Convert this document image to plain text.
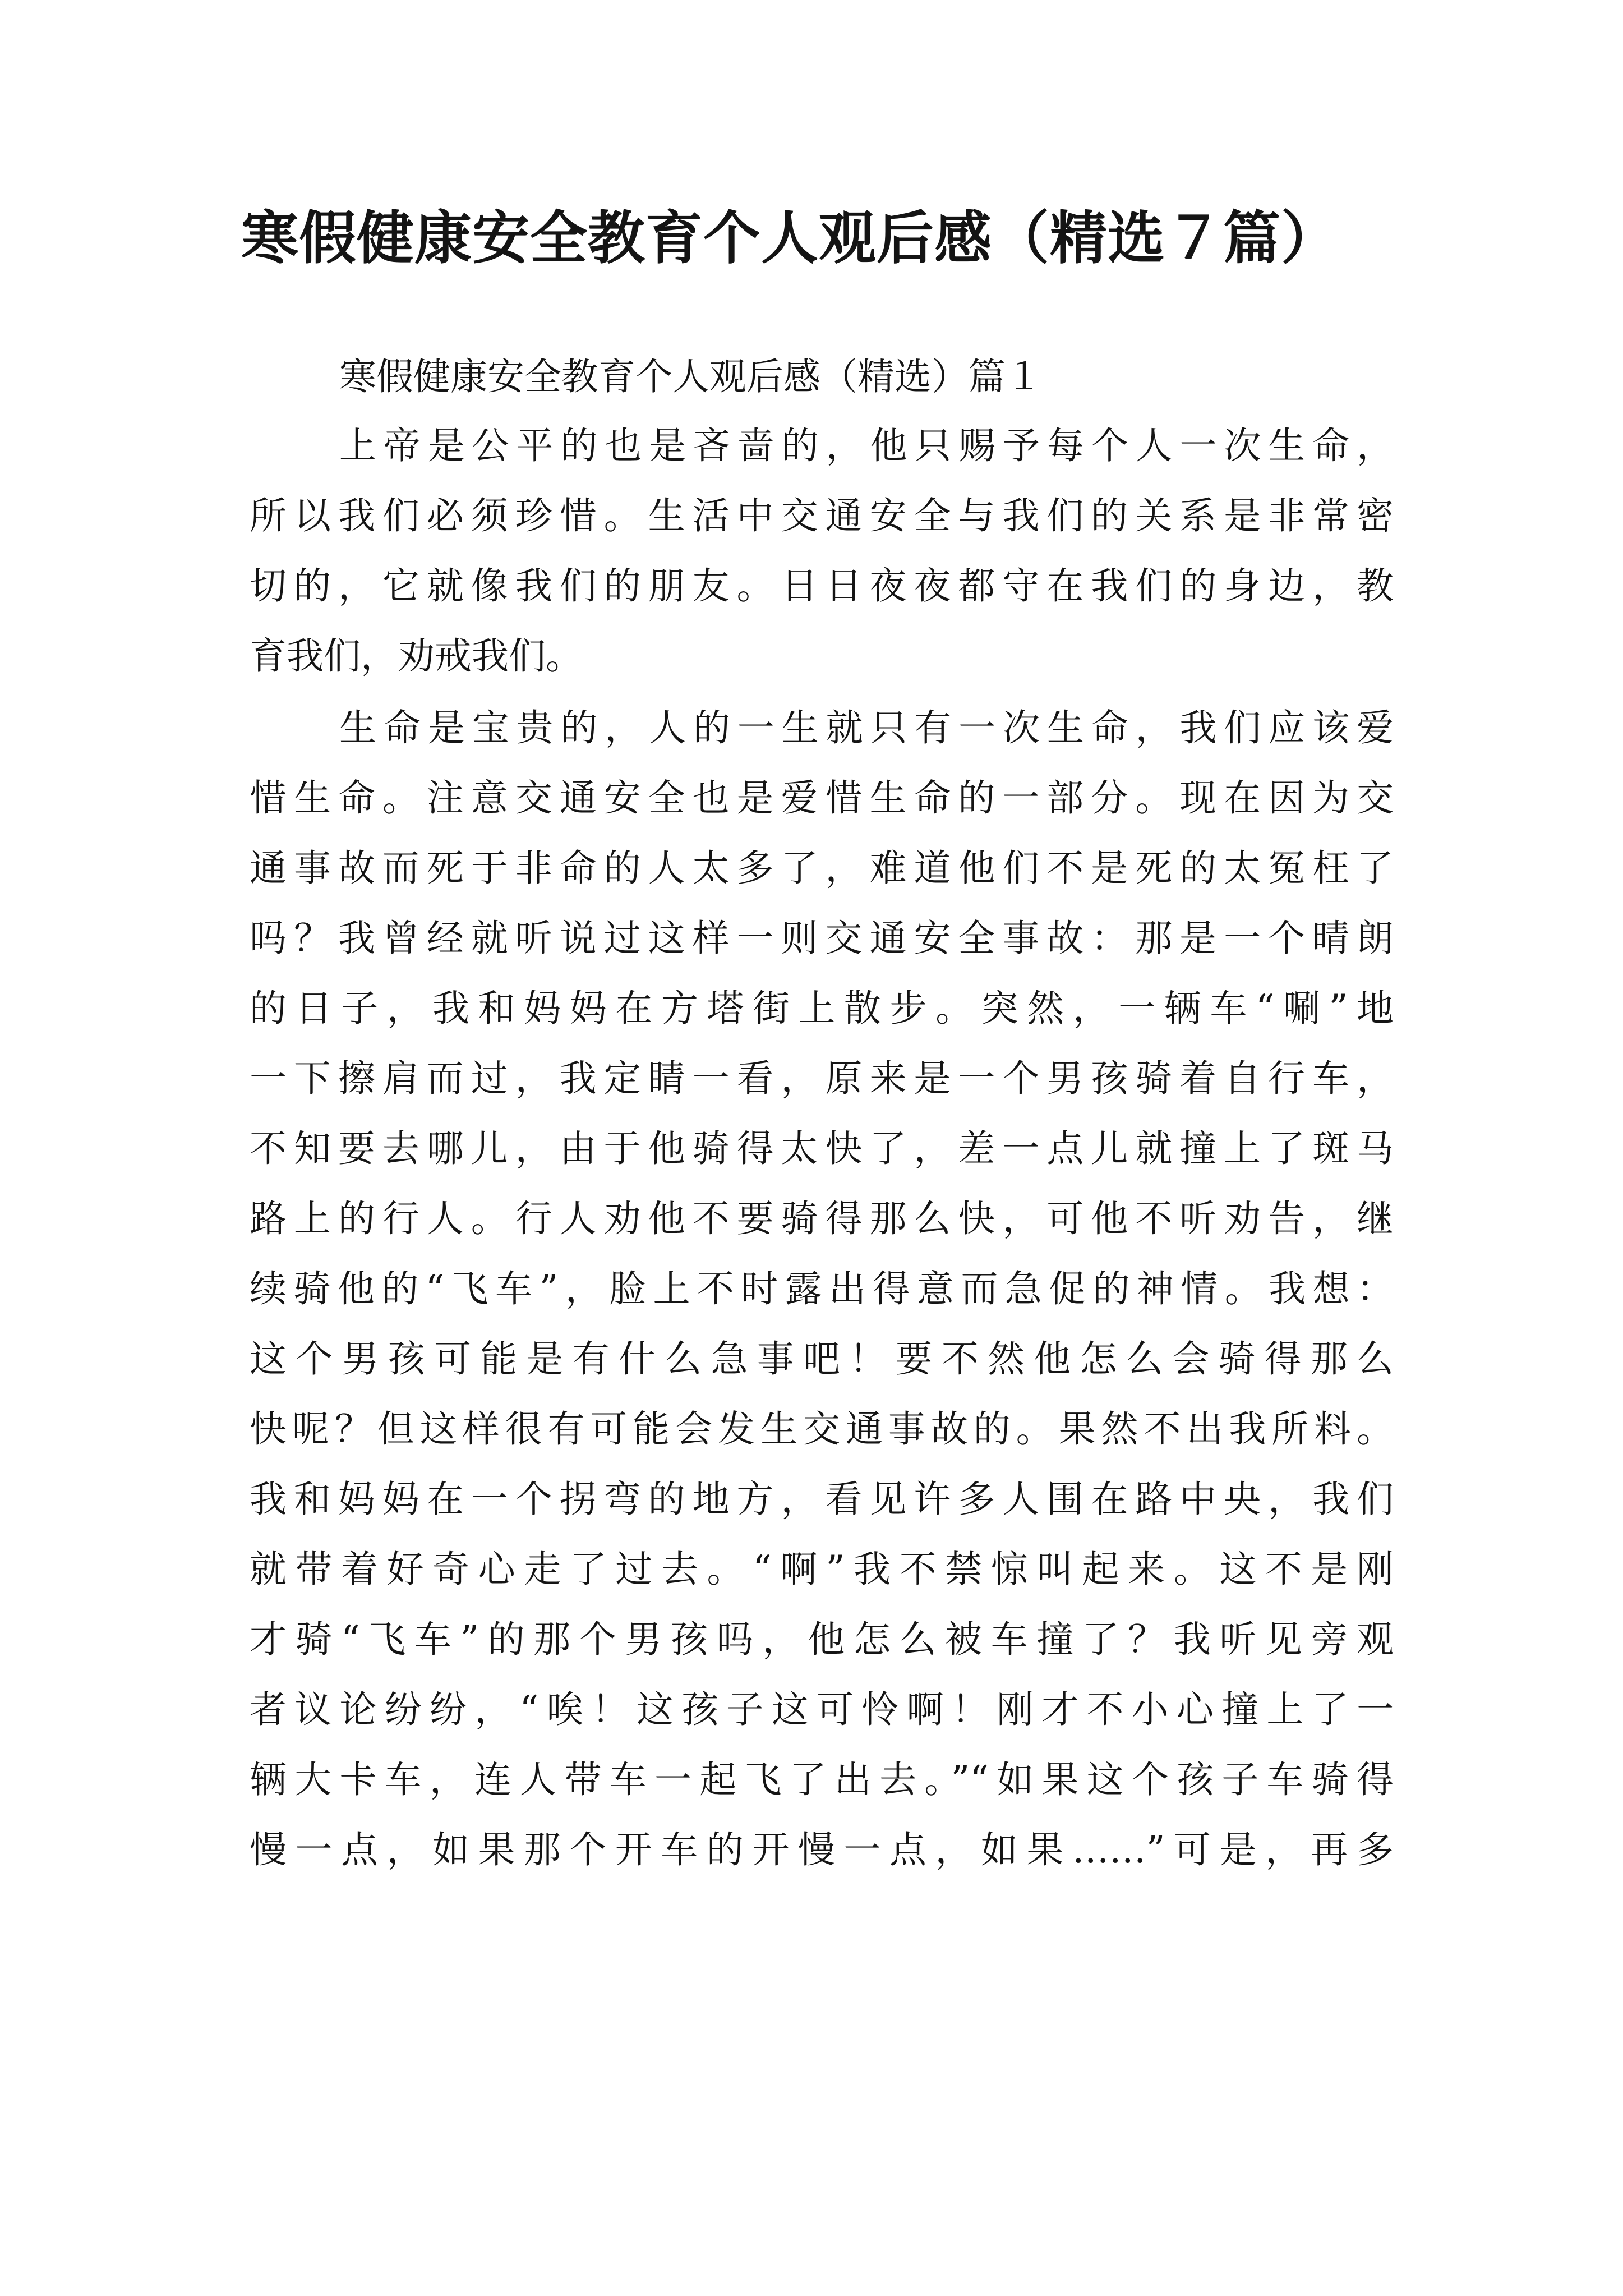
寒假健康安全教育个人观后感（精选７篇）
寒假健康安全教育个人观后感（精选）篇１
上帝是公平的也是吝啬的，他只赐予每个人一次生命，
所以我们必须珍惜。生活中交通安全与我们的关系是非常密
切的，它就像我们的朋友。日日夜夜都守在我们的身边，教
育我们，劝戒我们。
生命是宝贵的，人的一生就只有一次生命，我们应该爱
惜生命。注意交通安全也是爱惜生命的一部分。现在因为交
通事故而死于非命的人太多了，难道他们不是死的太冤枉了
吗？我曾经就听说过这样一则交通安全事故：那是一个晴朗
的日子，我和妈妈在方塔街上散步。突然，一辆车“唰”地
一下擦肩而过，我定睛一看，原来是一个男孩骑着自行车，
不知要去哪儿，由于他骑得太快了，差一点儿就撞上了斑马
路上的行人。行人劝他不要骑得那么快，可他不听劝告，继
续骑他的“飞车”，脸上不时露出得意而急促的神情。我想：
这个男孩可能是有什么急事吧！要不然他怎么会骑得那么
快呢？但这样很有可能会发生交通事故的。果然不出我所料。
我和妈妈在一个拐弯的地方，看见许多人围在路中央，我们
就带着好奇心走了过去。“啊”我不禁惊叫起来。这不是刚
才骑“飞车”的那个男孩吗，他怎么被车撞了？我听见旁观
者议论纷纷，“唉！这孩子这可怜啊！刚才不小心撞上了一
辆大卡车，连人带车一起飞了出去。”“如果这个孩子车骑得
慢一点，如果那个开车的开慢一点，如果……”可是，再多
